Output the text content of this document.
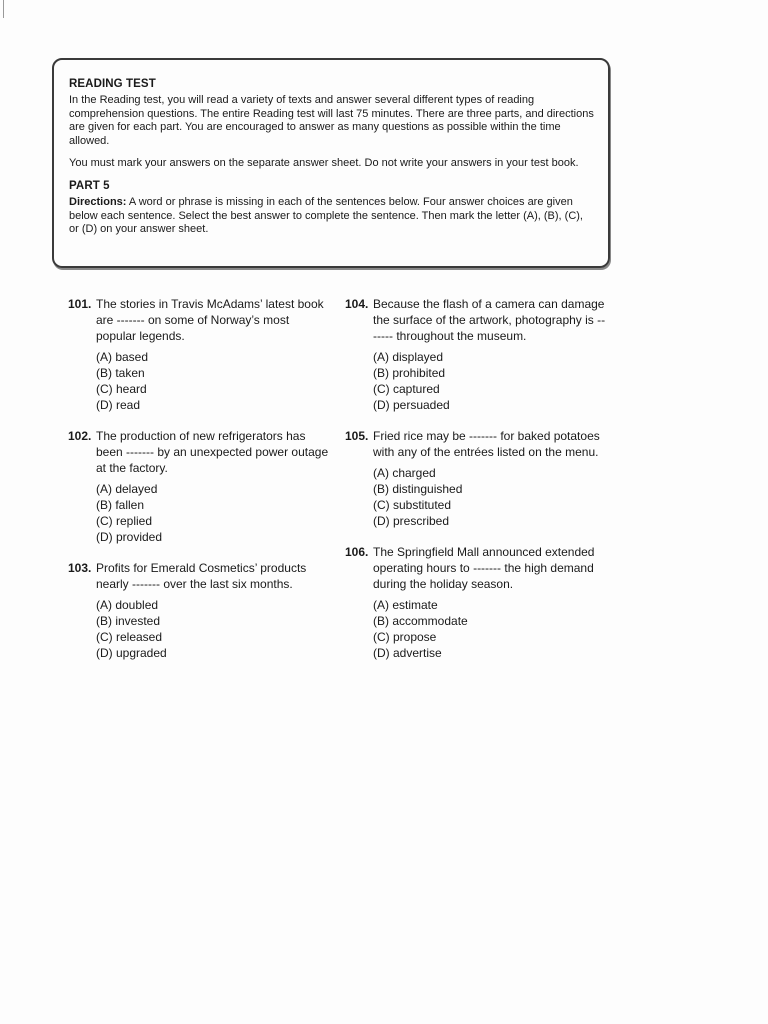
READING TEST

In the Reading test, you will read a variety of texts and answer several different types of reading comprehension questions. The entire Reading test will last 75 minutes. There are three parts, and directions are given for each part. You are encouraged to answer as many questions as possible within the time allowed.

You must mark your answers on the separate answer sheet. Do not write your answers in your test book.

PART 5

Directions: A word or phrase is missing in each of the sentences below. Four answer choices are given below each sentence. Select the best answer to complete the sentence. Then mark the letter (A), (B), (C), or (D) on your answer sheet.

101. The stories in Travis McAdams’ latest book are ------- on some of Norway’s most popular legends.
(A) based
(B) taken
(C) heard
(D) read
102. The production of new refrigerators has been ------- by an unexpected power outage at the factory.
(A) delayed
(B) fallen
(C) replied
(D) provided
103. Profits for Emerald Cosmetics’ products nearly ------- over the last six months.
(A) doubled
(B) invested
(C) released
(D) upgraded
104. Because the flash of a camera can damage the surface of the artwork, photography is ------- throughout the museum.
(A) displayed
(B) prohibited
(C) captured
(D) persuaded
105. Fried rice may be ------- for baked potatoes with any of the entrées listed on the menu.
(A) charged
(B) distinguished
(C) substituted
(D) prescribed
106. The Springfield Mall announced extended operating hours to ------- the high demand during the holiday season.
(A) estimate
(B) accommodate
(C) propose
(D) advertise
